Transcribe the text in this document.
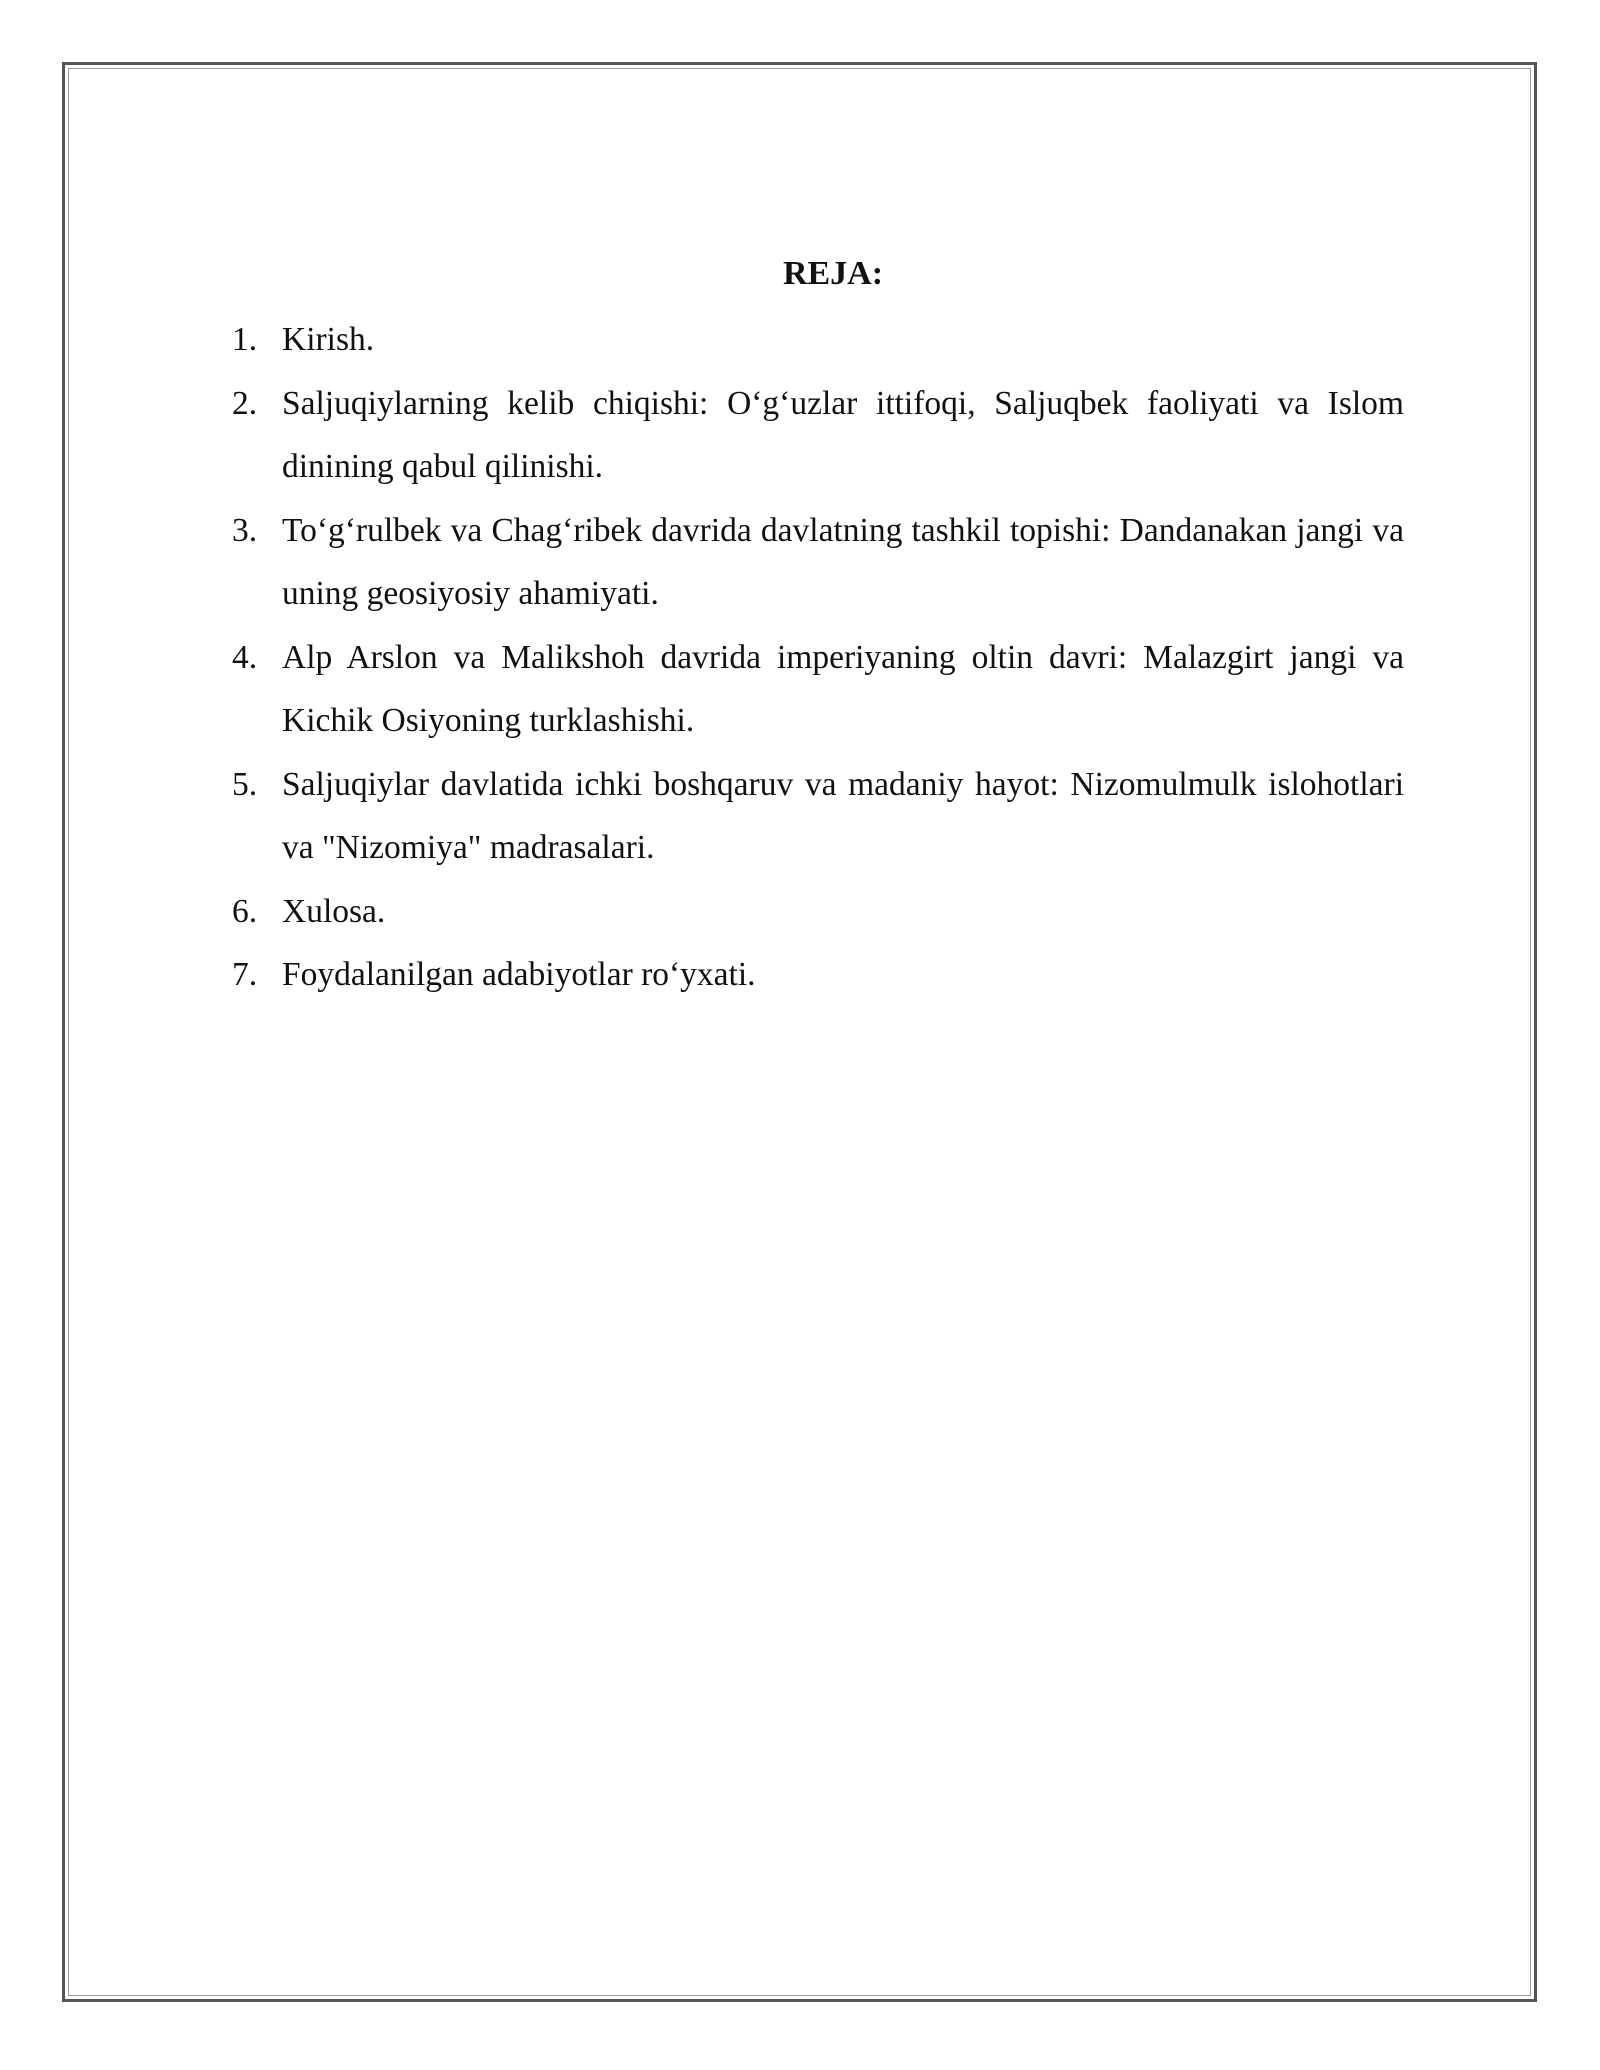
REJA:
1. Kirish.
2. Saljuqiylarning kelib chiqishi: O‘g‘uzlar ittifoqi, Saljuqbek faoliyati va Islom dinining qabul qilinishi.
3. To‘g‘rulbek va Chag‘ribek davrida davlatning tashkil topishi: Dandanakan jangi va uning geosiyosiy ahamiyati.
4. Alp Arslon va Malikshoh davrida imperiyaning oltin davri: Malazgirt jangi va Kichik Osiyoning turklashishi.
5. Saljuqiylar davlatida ichki boshqaruv va madaniy hayot: Nizomulmulk islohotlari va "Nizomiya" madrasalari.
6. Xulosa.
7. Foydalanilgan adabiyotlar ro‘yxati.
